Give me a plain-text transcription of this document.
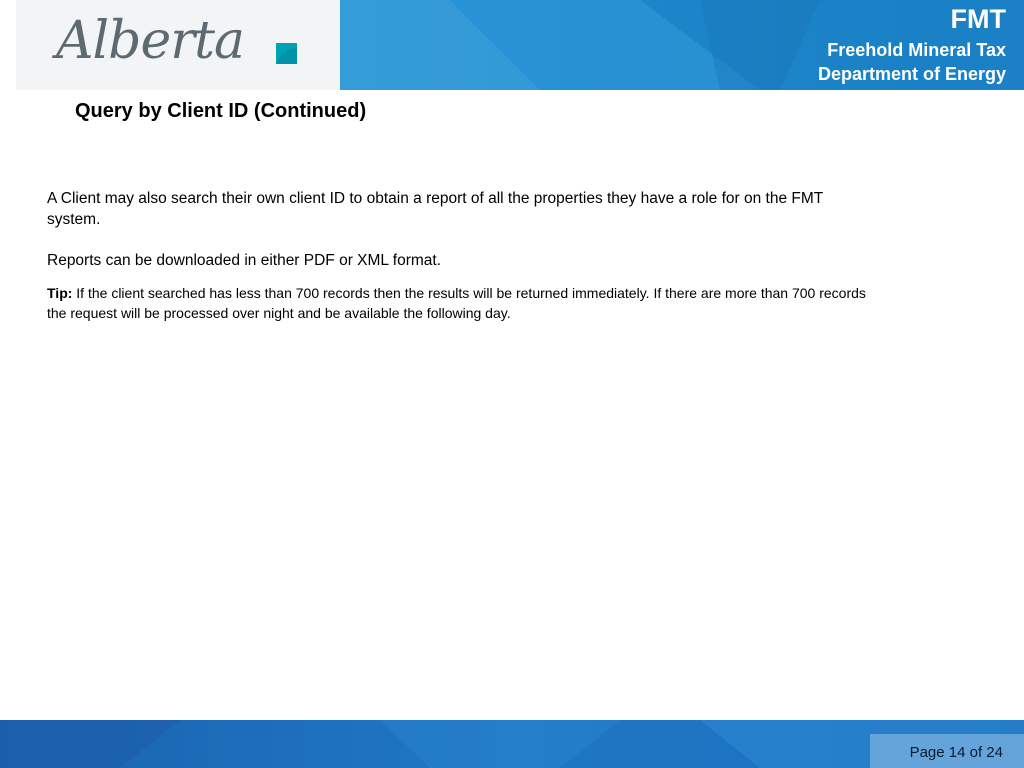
Alberta	FMT
Freehold Mineral Tax
Department of Energy
Query by Client ID (Continued)

A Client may also search their own client ID to obtain a report of all the properties they have a role for on the FMT system.

Reports can be downloaded in either PDF or XML format.

Tip: If the client searched has less than 700 records then the results will be returned immediately. If there are more than 700 records the request will be processed over night and be available the following day.

Page 14 of 24
